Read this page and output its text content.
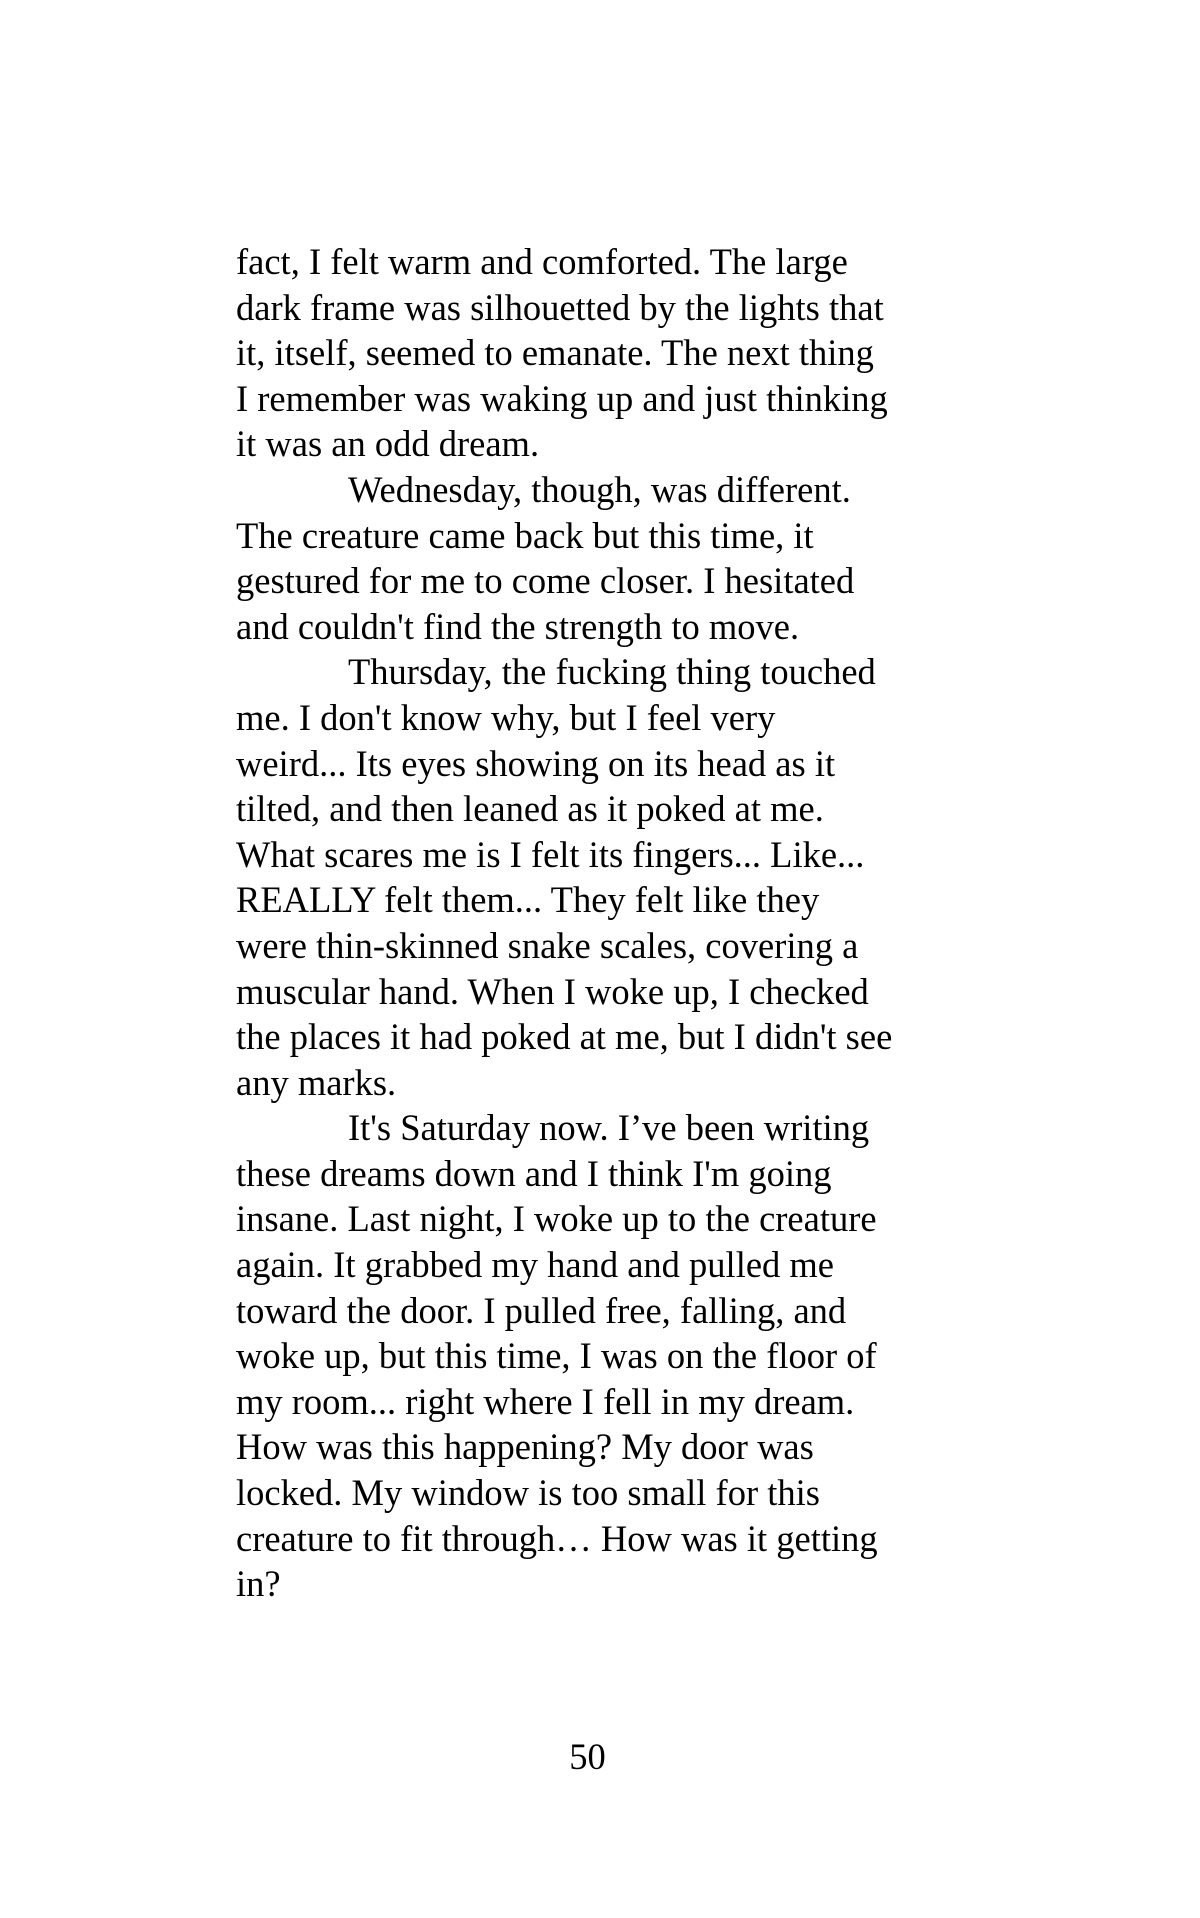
fact, I felt warm and comforted. The large
dark frame was silhouetted by the lights that
it, itself, seemed to emanate. The next thing
I remember was waking up and just thinking
it was an odd dream.
Wednesday, though, was different.
The creature came back but this time, it
gestured for me to come closer. I hesitated
and couldn't find the strength to move.
Thursday, the fucking thing touched
me. I don't know why, but I feel very
weird... Its eyes showing on its head as it
tilted, and then leaned as it poked at me.
What scares me is I felt its fingers... Like...
REALLY felt them... They felt like they
were thin-skinned snake scales, covering a
muscular hand. When I woke up, I checked
the places it had poked at me, but I didn't see
any marks.
It's Saturday now. I’ve been writing
these dreams down and I think I'm going
insane. Last night, I woke up to the creature
again. It grabbed my hand and pulled me
toward the door. I pulled free, falling, and
woke up, but this time, I was on the floor of
my room... right where I fell in my dream.
How was this happening? My door was
locked. My window is too small for this
creature to fit through… How was it getting
in?
50
